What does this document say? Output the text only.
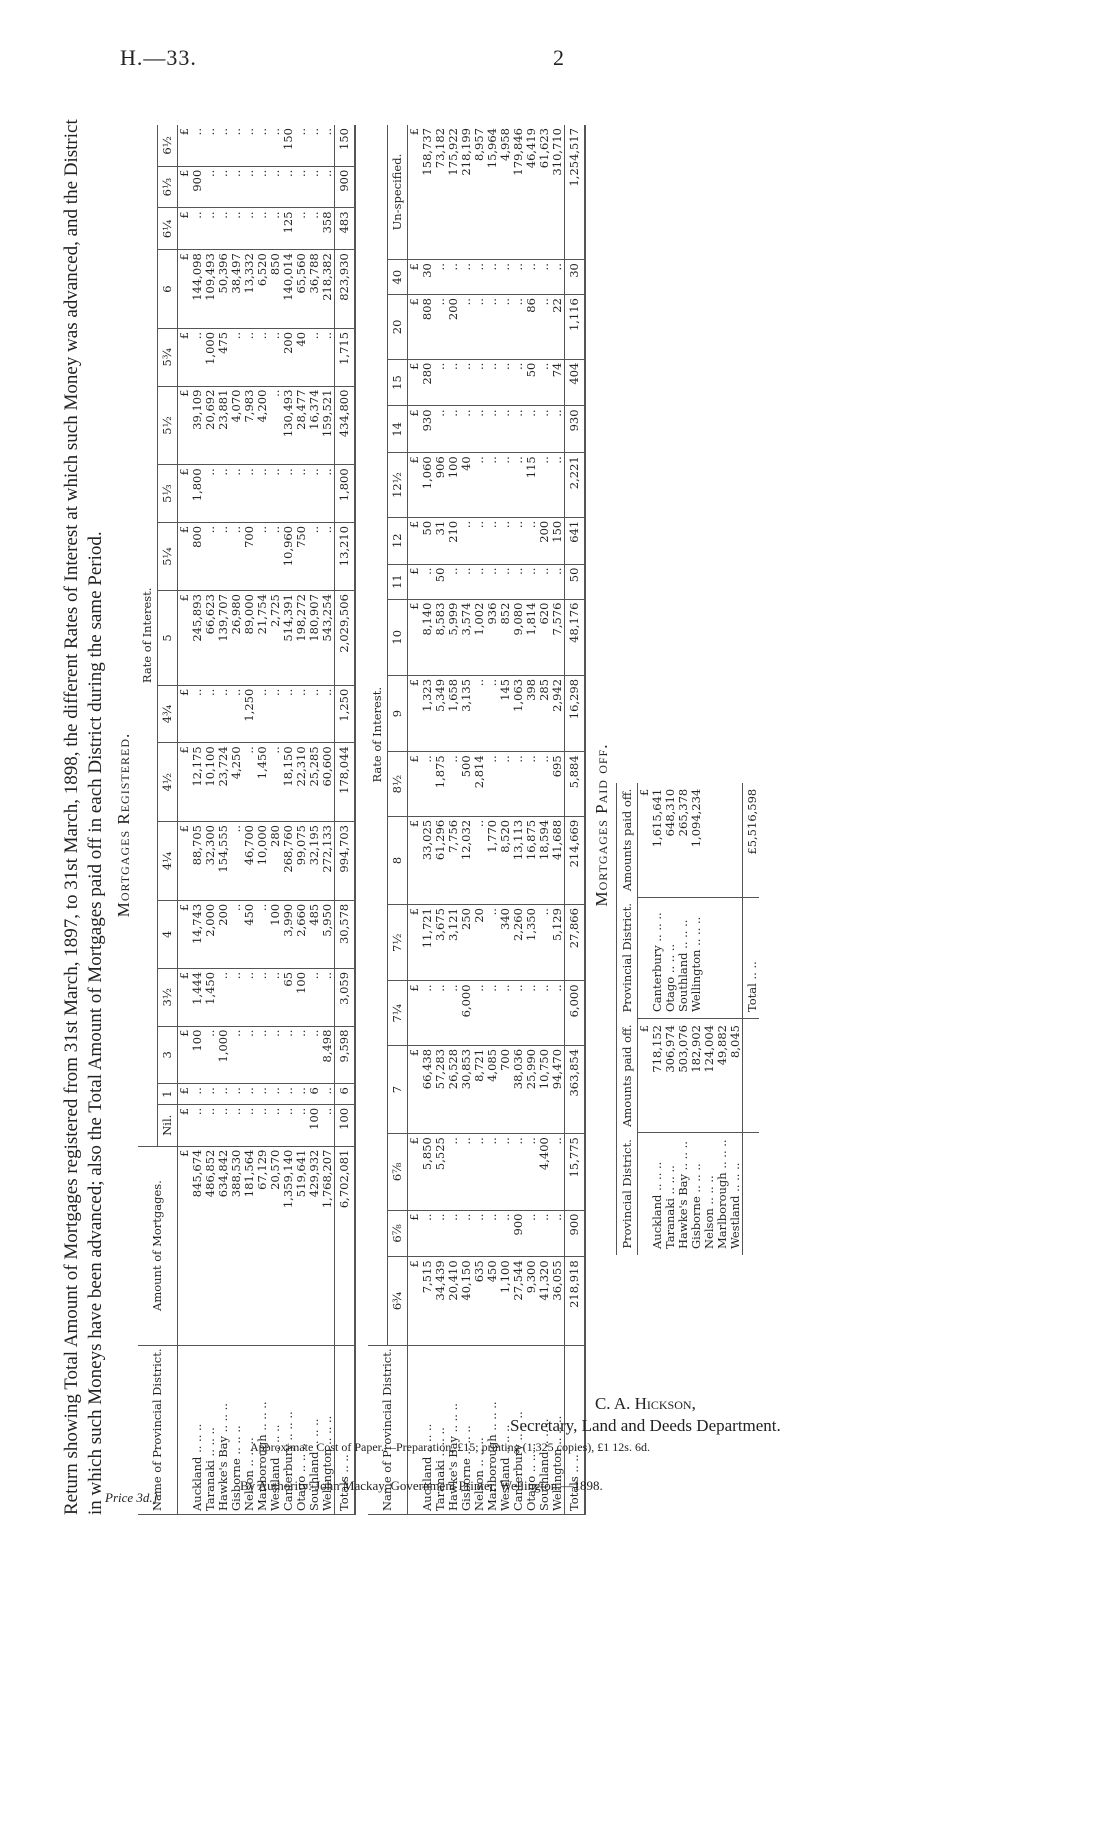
H.—33.	2
Return showing Total Amount of Mortgages registered from 31st March, 1897, to 31st March, 1898, the different Rates of Interest at which such Money was advanced, and the District in which such Moneys have been advanced; also the Total Amount of Mortgages paid off in each District during the same Period. Mortgages Registered.
Name of Provincial District.	Amount of Mortgages.	Rate of Interest.																
		Nil.	1	3	3½	4	4¼	4½	4¾	5	5¼	5⅓	5½	5¾	6	6¼	6⅓	6½
	£	£	£	£	£	£	£	£	£	£	£	£	£	£	£	£	£	£
Auckland .. .. ..	845,674	..	..	100	1,444	14,743	88,705	12,175	..	245,893	800	1,800	39,109	..	144,098	..	900	..
Taranaki .. .. ..	486,852	..	..	..	1,450	2,000	32,300	10,100	..	66,623	..	..	20,692	1,000	109,493	..	..	..
Hawke's Bay .. .. ..	634,842	..	..	1,000	..	200	154,555	23,724	..	139,707	..	..	23,881	475	50,396	..	..	..
Gisborne .. .. ..	388,530	..	..	..	..	..	..	4,250	..	26,980	..	..	4,070	..	38,497	..	..	..
Nelson .. .. ..	181,564	..	..	..	..	450	46,700	..	1,250	89,000	700	..	7,983	..	13,332	..	..	..
Marlborough .. .. ..	67,129	..	..	..	..	..	10,000	1,450	..	21,754	..	..	4,200	..	6,520	..	..	..
Westland .. .. ..	20,570	..	..	..	..	100	280	..	..	2,725	..	..	..	..	850	..	..	..
Canterbury .. .. ..	1,359,140	..	..	..	65	3,990	268,760	18,150	..	514,391	10,960	..	130,493	200	140,014	125	..	150
Otago .. .. ..	519,641	..	..	..	100	2,660	99,075	22,310	..	198,272	750	..	28,477	40	65,560	..	..	..
Southland .. .. ..	429,932	100	6	..	..	485	32,195	25,285	..	180,907	..	..	16,374	..	36,788	..	..	..
Wellington .. .. ..	1,768,207	..	..	8,498	..	5,950	272,133	60,600	..	543,254	..	..	159,521	..	218,382	358	..	..
Totals .. ..	6,702,081	100	6	9,598	3,059	30,578	994,703	178,044	1,250	2,029,506	13,210	1,800	434,800	1,715	823,930	483	900	150
Name of Provincial District.	Rate of Interest.																	
	6¾	6⅞	6⅞	7	7¼	7½	8	8½	9	10	11	12	12½	14	15	20	40	Un-specified.
	£	£	£	£	£	£	£	£	£	£	£	£	£	£	£	£	£	£
Auckland .. .. ..	7,515	..	5,850	66,438	..	11,721	33,025	..	1,323	8,140	..	50	1,060	930	280	808	30	158,737
Taranaki .. .. ..	34,439	..	5,525	57,283	..	3,675	61,296	1,875	5,349	8,583	50	31	906	..	..	..	..	73,182
Hawke's Bay .. .. ..	20,410	..	..	26,528	..	3,121	7,756	..	1,658	5,999	..	210	100	..	..	200	..	175,922
Gisborne .. .. ..	40,150	..	..	30,853	6,000	250	12,032	500	3,135	3,574	..	..	40	..	..	..	..	218,199
Nelson .. .. ..	635	..	..	8,721	..	20	..	2,814	..	1,002	..	..	..	..	..	..	..	8,957
Marlborough .. .. ..	450	..	..	4,085	..	..	1,770	..	..	936	..	..	..	..	..	..	..	15,964
Westland .. .. ..	1,100	..	..	700	..	340	8,520	..	145	852	..	..	..	..	..	..	..	4,958
Canterbury .. .. ..	27,544	900	..	38,036	..	2,260	13,113	..	1,063	9,080	..	..	..	..	..	..	..	179,846
Otago .. .. ..	9,300	..	..	25,990	..	1,350	16,875	..	398	1,814	..	..	115	..	50	86	..	46,419
Southland .. .. ..	41,320	..	4,400	10,750	..	..	18,594	..	285	620	..	200	..	..	..	..	..	61,623
Wellington .. .. ..	36,055	..	..	94,470	..	5,129	41,688	695	2,942	7,576	..	150	..	..	74	22	..	310,710
Totals .. ..	218,918	900	15,775	363,854	6,000	27,866	214,669	5,884	16,298	48,176	50	641	2,221	930	404	1,116	30	1,254,517
Mortgages Paid off.
Provincial District.	Amounts paid off.	Provincial District.	Amounts paid off.
	£		£
Auckland .. .. ..	718,152	Canterbury .. .. ..	1,615,641
Taranaki .. .. ..	306,974	Otago .. .. ..	648,310
Hawke's Bay .. .. ..	503,076	Southland .. .. ..	265,378
Gisborne .. .. ..	182,902	Wellington .. .. ..	1,094,234
Nelson .. .. ..	124,004		
Marlborough .. .. ..	49,882		
Westland .. .. ..	8,045		
		Total .. ..	£5,516,598
C. A. Hickson,
Secretary, Land and Deeds Department.
Approximate Cost of Paper.—Preparation, £15; printing (1,325 copies), £1 12s. 6d.
Price 3d.]
By Authority: John Mackay, Government Printer, Wellington.—1898.
